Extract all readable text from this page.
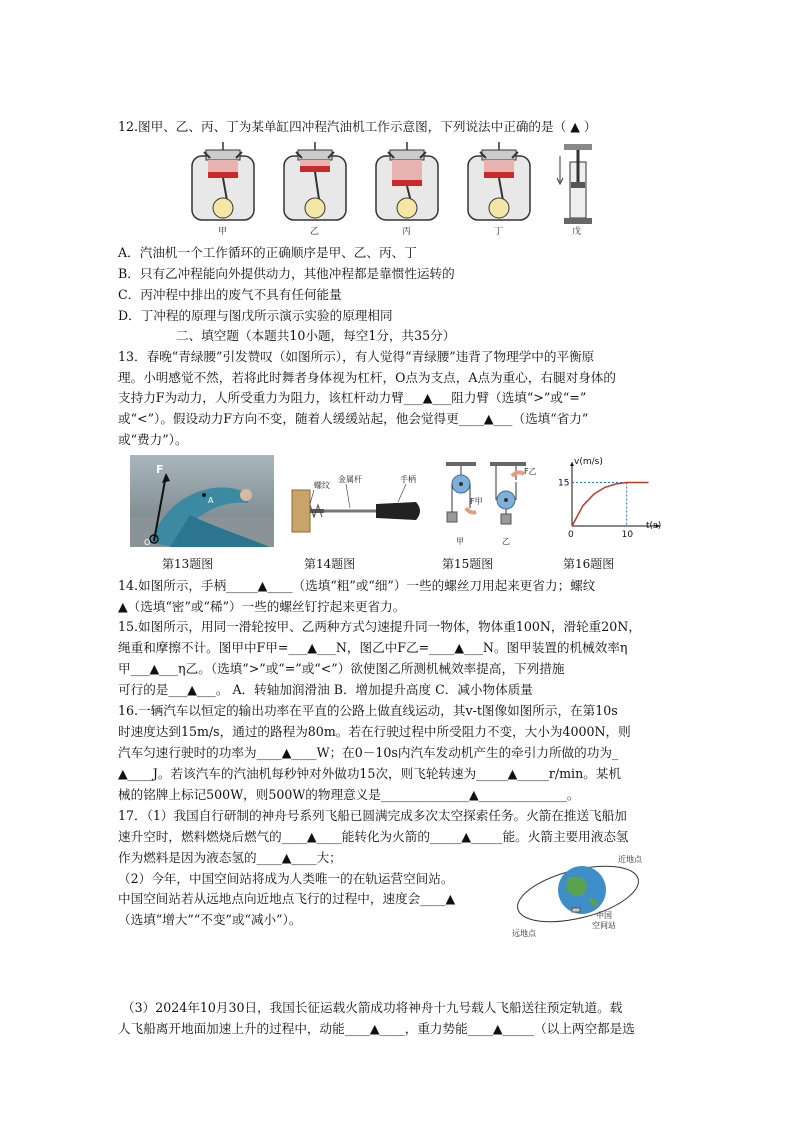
12.图甲、乙、丙、丁为某单缸四冲程汽油机工作示意图，下列说法中正确的是（ ▲ ）
甲	乙	丙	丁	戊
A．汽油机一个工作循环的正确顺序是甲、乙、丙、丁
B．只有乙冲程能向外提供动力，其他冲程都是靠惯性运转的
C．丙冲程中排出的废气不具有任何能量
D．丁冲程的原理与图戊所示演示实验的原理相同
二、填空题（本题共10小题，每空1分，共35分）
13．春晚“青绿腰”引发赞叹（如图所示），有人觉得“青绿腰”违背了物理学中的平衡原
理。小明感觉不然，若将此时舞者身体视为杠杆，O点为支点，A点为重心，右腿对身体的
支持力F为动力，人所受重力为阻力，该杠杆动力臂___▲___阻力臂（选填“>”或“=”
或“<”）。假设动力F方向不变，随着人缓缓站起，他会觉得更____▲___（选填“省力”
或“费力”）。
F
A
O
螺纹
金属杆	手柄
F甲
F乙
甲	乙
v(m/s)
t(s)
15
0	10
第13题图	第14题图	第15题图	第16题图
14.如图所示，手柄_____▲____（选填“粗”或“细”）一些的螺丝刀用起来更省力；螺纹
▲（选填“密”或“稀”）一些的螺丝钉拧起来更省力。
15.如图所示，用同一滑轮按甲、乙两种方式匀速提升同一物体，物体重100N，滑轮重20N，
绳重和摩擦不计。图甲中F甲=___▲___N，图乙中F乙=____▲___N。图甲装置的机械效率η
甲___▲___η乙。（选填“>”或“=”或“<”）欲使图乙所测机械效率提高，下列措施
可行的是___▲___。 A．转轴加润滑油 B．增加提升高度 C．减小物体质量
16.一辆汽车以恒定的输出功率在平直的公路上做直线运动，其v-t图像如图所示，在第10s
时速度达到15m/s，通过的路程为80m。若在行驶过程中所受阻力不变，大小为4000N，则
汽车匀速行驶时的功率为____▲____W；在0－10s内汽车发动机产生的牵引力所做的功为_
▲____J。若该汽车的汽油机每秒钟对外做功15次，则飞轮转速为_____▲_____r/min。某机
械的铭牌上标记500W，则500W的物理意义是______________▲______________。
17．（1）我国自行研制的神舟号系列飞船已圆满完成多次太空探索任务。火箭在推送飞船加
速升空时，燃料燃烧后燃气的____▲____能转化为火箭的_____▲_____能。火箭主要用液态氢
作为燃料是因为液态氢的____▲____大；
（2）今年，中国空间站将成为人类唯一的在轨运营空间站。
中国空间站若从远地点向近地点飞行的过程中，速度会____▲
（选填“增大”“不变”或“减小”）。
近地点
远地点
中国
空间站
（3）2024年10月30日，我国长征运载火箭成功将神舟十九号载人飞船送往预定轨道。载
人飞船离开地面加速上升的过程中，动能____▲____，重力势能____▲_____（以上两空都是选
